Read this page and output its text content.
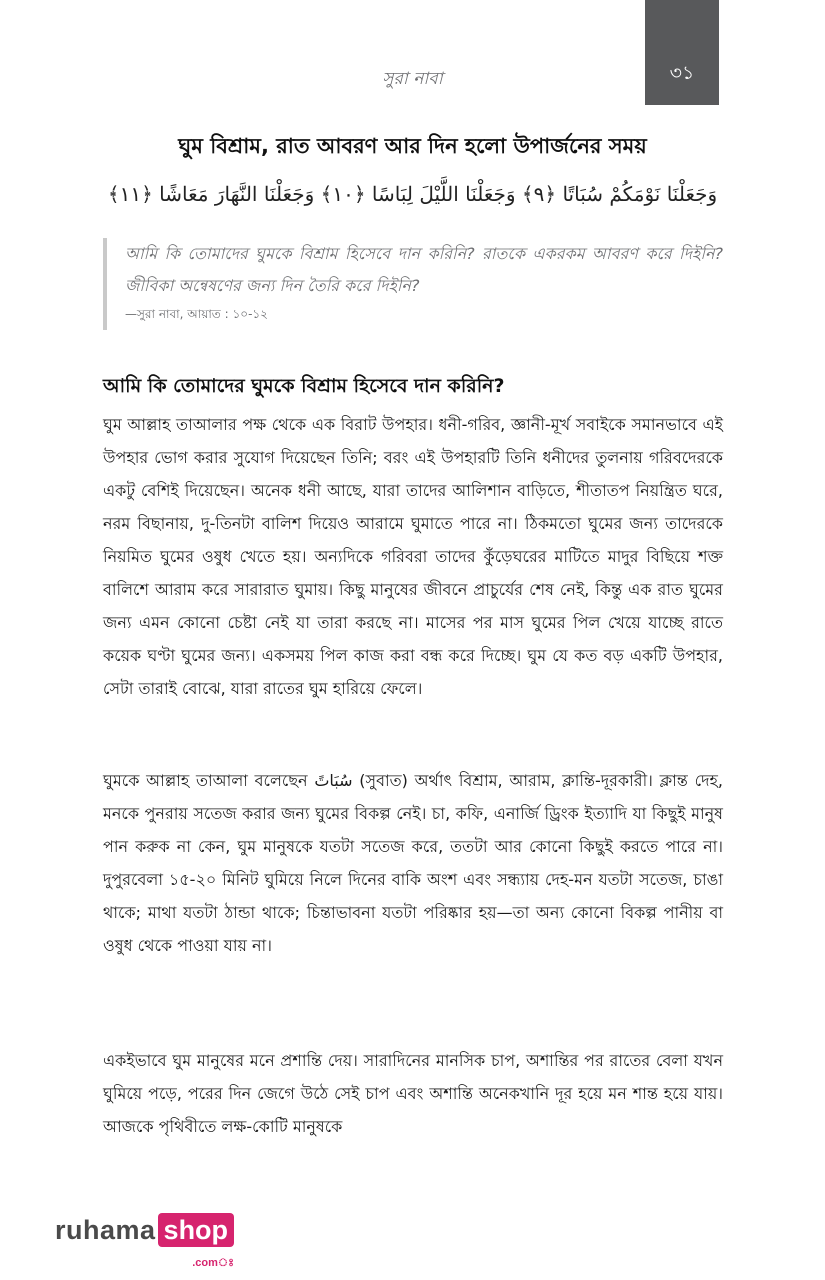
৩১
সুরা নাবা
ঘুম বিশ্রাম, রাত আবরণ আর দিন হলো উপার্জনের সময়
وَجَعَلْنَا نَوْمَكُمْ سُبَاتًا ﴿٩﴾ وَجَعَلْنَا اللَّيْلَ لِبَاسًا ﴿١٠﴾ وَجَعَلْنَا النَّهَارَ مَعَاشًا ﴿١١﴾

আমি কি তোমাদের ঘুমকে বিশ্রাম হিসেবে দান করিনি? রাতকে একরকম আবরণ করে দিইনি? জীবিকা অন্বেষণের জন্য দিন তৈরি করে দিইনি?

—সুরা নাবা, আয়াত : ১০-১২
আমি কি তোমাদের ঘুমকে বিশ্রাম হিসেবে দান করিনি?

ঘুম আল্লাহ তাআলার পক্ষ থেকে এক বিরাট উপহার। ধনী-গরিব, জ্ঞানী-মূর্খ সবাইকে সমানভাবে এই উপহার ভোগ করার সুযোগ দিয়েছেন তিনি; বরং এই উপহারটি তিনি ধনীদের তুলনায় গরিবদেরকে একটু বেশিই দিয়েছেন। অনেক ধনী আছে, যারা তাদের আলিশান বাড়িতে, শীতাতপ নিয়ন্ত্রিত ঘরে, নরম বিছানায়, দু-তিনটা বালিশ দিয়েও আরামে ঘুমাতে পারে না। ঠিকমতো ঘুমের জন্য তাদেরকে নিয়মিত ঘুমের ওষুধ খেতে হয়। অন্যদিকে গরিবরা তাদের কুঁড়েঘরের মাটিতে মাদুর বিছিয়ে শক্ত বালিশে আরাম করে সারারাত ঘুমায়। কিছু মানুষের জীবনে প্রাচুর্যের শেষ নেই, কিন্তু এক রাত ঘুমের জন্য এমন কোনো চেষ্টা নেই যা তারা করছে না। মাসের পর মাস ঘুমের পিল খেয়ে যাচ্ছে রাতে কয়েক ঘণ্টা ঘুমের জন্য। একসময় পিল কাজ করা বন্ধ করে দিচ্ছে। ঘুম যে কত বড় একটি উপহার, সেটা তারাই বোঝে, যারা রাতের ঘুম হারিয়ে ফেলে।

ঘুমকে আল্লাহ তাআলা বলেছেন سُبَاتً (সুবাত) অর্থাৎ বিশ্রাম, আরাম, ক্লান্তি-দূরকারী। ক্লান্ত দেহ, মনকে পুনরায় সতেজ করার জন্য ঘুমের বিকল্প নেই। চা, কফি, এনার্জি ড্রিংক ইত্যাদি যা কিছুই মানুষ পান করুক না কেন, ঘুম মানুষকে যতটা সতেজ করে, ততটা আর কোনো কিছুই করতে পারে না। দুপুরবেলা ১৫-২০ মিনিট ঘুমিয়ে নিলে দিনের বাকি অংশ এবং সন্ধ্যায় দেহ-মন যতটা সতেজ, চাঙা থাকে; মাথা যতটা ঠান্ডা থাকে; চিন্তাভাবনা যতটা পরিষ্কার হয়—তা অন্য কোনো বিকল্প পানীয় বা ওষুধ থেকে পাওয়া যায় না।

একইভাবে ঘুম মানুষের মনে প্রশান্তি দেয়। সারাদিনের মানসিক চাপ, অশান্তির পর রাতের বেলা যখন ঘুমিয়ে পড়ে, পরের দিন জেগে উঠে সেই চাপ এবং অশান্তি অনেকখানি দূর হয়ে মন শান্ত হয়ে যায়। আজকে পৃথিবীতে লক্ষ-কোটি মানুষকে

ruhama shop
.comঃ
